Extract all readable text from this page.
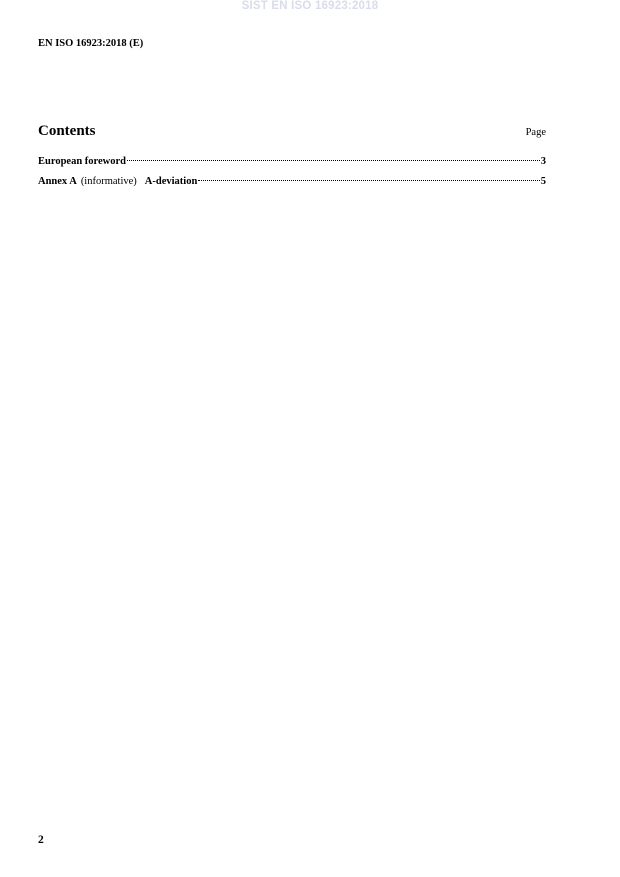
SIST EN ISO 16923:2018
EN ISO 16923:2018 (E)
Contents	Page
European foreword	3
Annex A (informative) A-deviation	5
2
